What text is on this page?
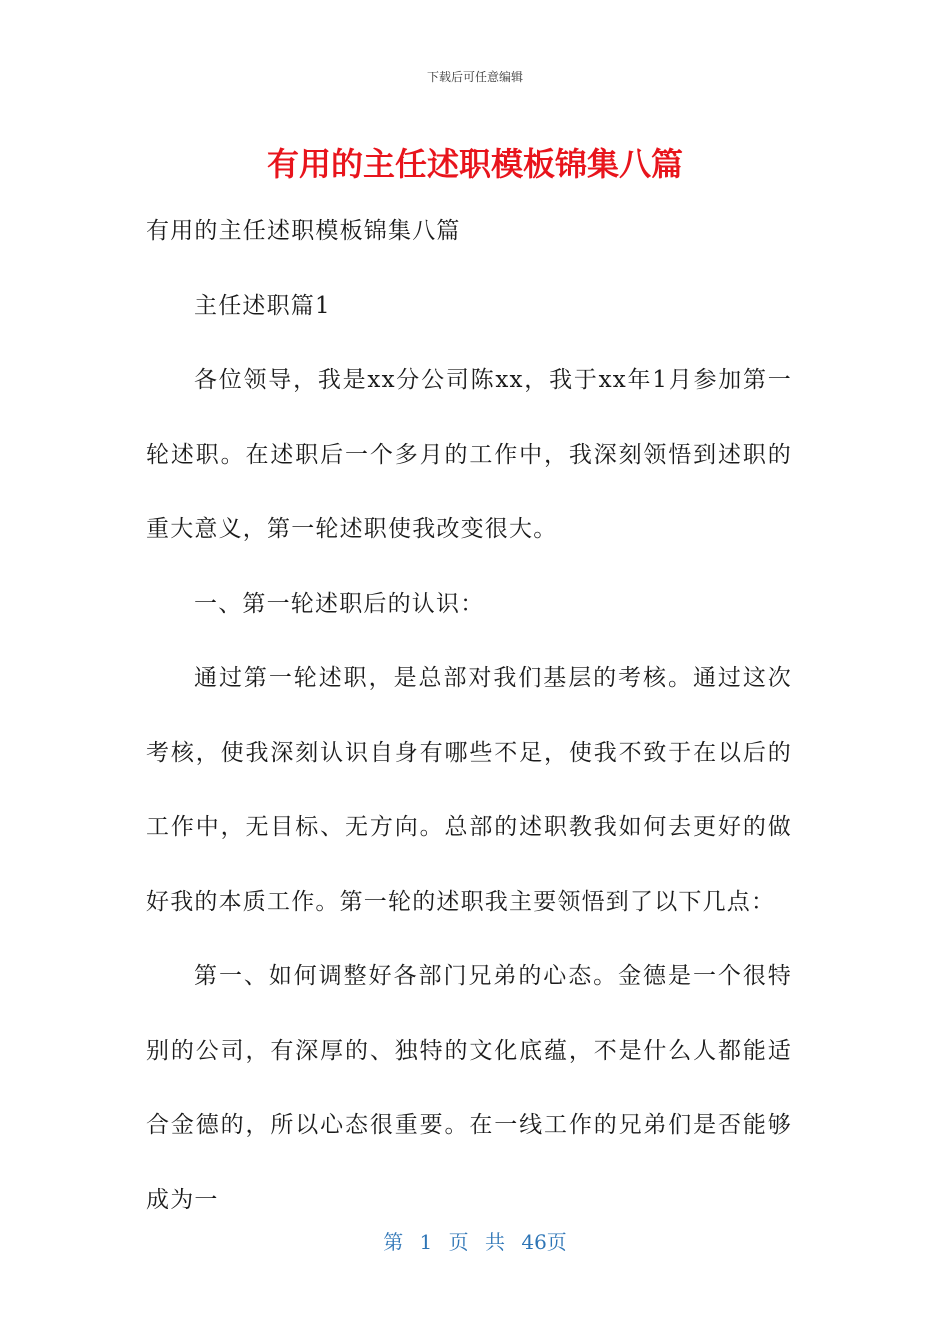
下载后可任意编辑
有用的主任述职模板锦集八篇

有用的主任述职模板锦集八篇

主任述职篇1

各位领导，我是xx分公司陈xx，我于xx年1月参加第一轮述职。在述职后一个多月的工作中，我深刻领悟到述职的重大意义，第一轮述职使我改变很大。

一、第一轮述职后的认识：

通过第一轮述职，是总部对我们基层的考核。通过这次考核，使我深刻认识自身有哪些不足，使我不致于在以后的工作中，无目标、无方向。总部的述职教我如何去更好的做好我的本质工作。第一轮的述职我主要领悟到了以下几点：

第一、如何调整好各部门兄弟的心态。金德是一个很特别的公司，有深厚的、独特的文化底蕴，不是什么人都能适合金德的，所以心态很重要。在一线工作的兄弟们是否能够成为一

第 1 页 共 46页
